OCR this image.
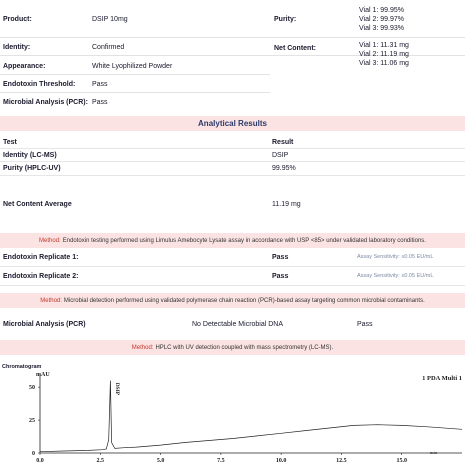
Product:	DSIP 10mg	Purity:
Vial 1: 99.95%
Vial 2: 99.97%
Vial 3: 99.93%
Identity:	Confirmed	Net Content:	Vial 1: 11.31 mg
Vial 2: 11.19 mg
Vial 3: 11.06 mg
Appearance:	White Lyophilized Powder
Endotoxin Threshold: Pass
Microbial Analysis (PCR): Pass
Analytical Results
Test	Result
Identity (LC-MS)	DSIP
Purity (HPLC-UV)	99.95%
Net Content Average	11.19 mg
Method: Endotoxin testing performed using Limulus Amebocyte Lysate assay in accordance with USP <85> under validated laboratory conditions.
Endotoxin Replicate 1:	Pass	Assay Sensitivity: ≤0.05 EU/mL
Endotoxin Replicate 2:	Pass	Assay Sensitivity: ≤0.05 EU/mL
Method: Microbial detection performed using validated polymerase chain reaction (PCR)-based assay targeting common microbial contaminants.
Microbial Analysis (PCR)	No Detectable Microbial DNA	Pass
Method: HPLC with UV detection coupled with mass spectrometry (LC-MS).
Chromatogram
mAU	1 PDA Multi 1
min
0.0	2.5	5.0	7.5	10.0	12.5	15.0
0
25
50	DSIP
